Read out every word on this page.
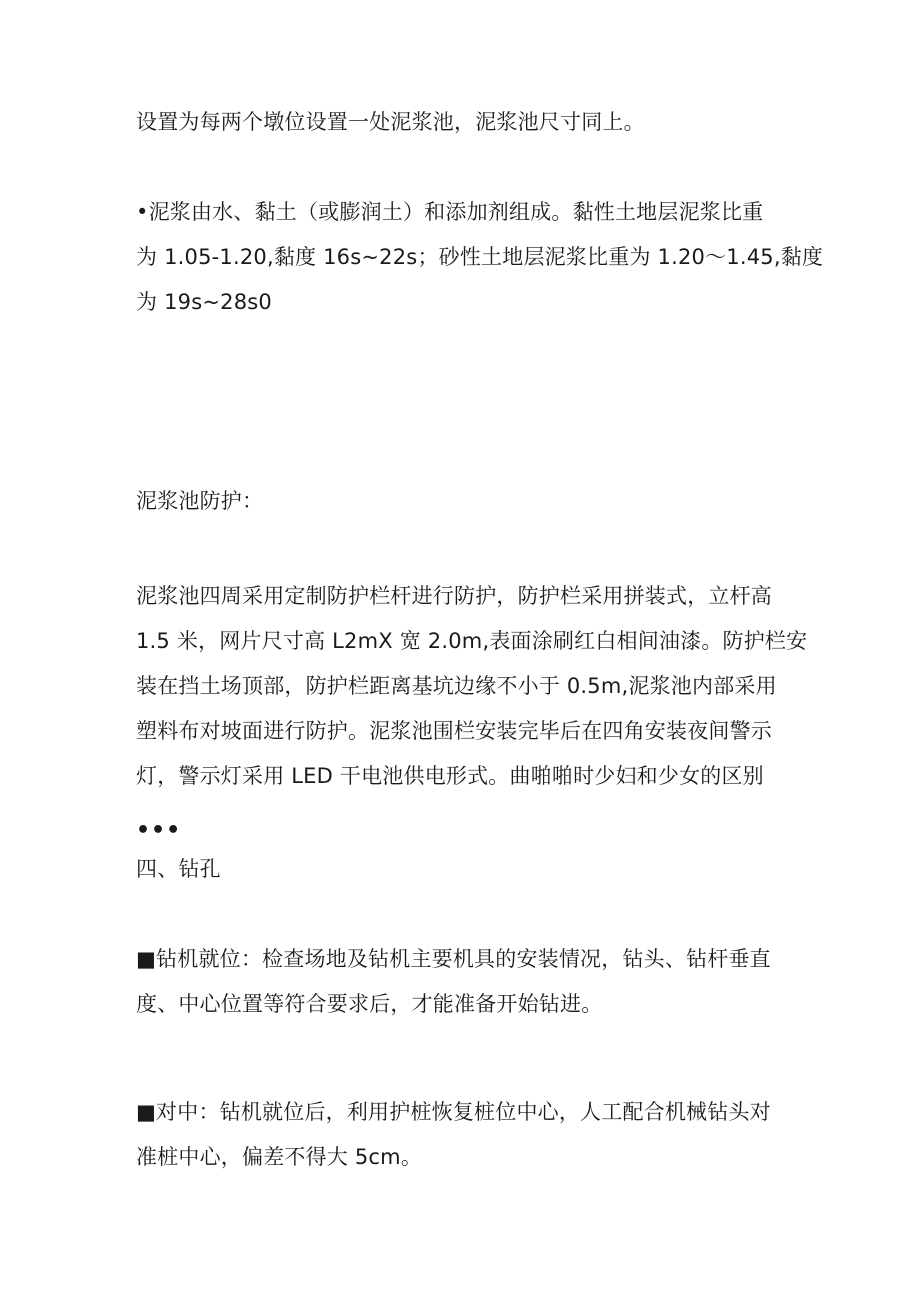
设置为每两个墩位设置一处泥浆池，泥浆池尺寸同上。

•泥浆由水、黏土（或膨润土）和添加剂组成。黏性土地层泥浆比重
为 1.05-1.20,黏度 16s~22s；砂性土地层泥浆比重为 1.20～1.45,黏度
为 19s~28s0

泥浆池防护：

泥浆池四周采用定制防护栏杆进行防护，防护栏采用拼装式，立杆高
1.5 米，网片尺寸高 L2mX 宽 2.0m,表面涂刷红白相间油漆。防护栏安
装在挡土场顶部，防护栏距离基坑边缘不小于 0.5m,泥浆池内部采用
塑料布对坡面进行防护。泥浆池围栏安装完毕后在四角安装夜间警示
灯，警示灯采用 LED 干电池供电形式。曲啪啪时少妇和少女的区别

•••

四、钻孔

■钻机就位：检查场地及钻机主要机具的安装情况，钻头、钻杆垂直
度、中心位置等符合要求后，才能准备开始钻进。

■对中：钻机就位后，利用护桩恢复桩位中心，人工配合机械钻头对
准桩中心，偏差不得大 5cm。
